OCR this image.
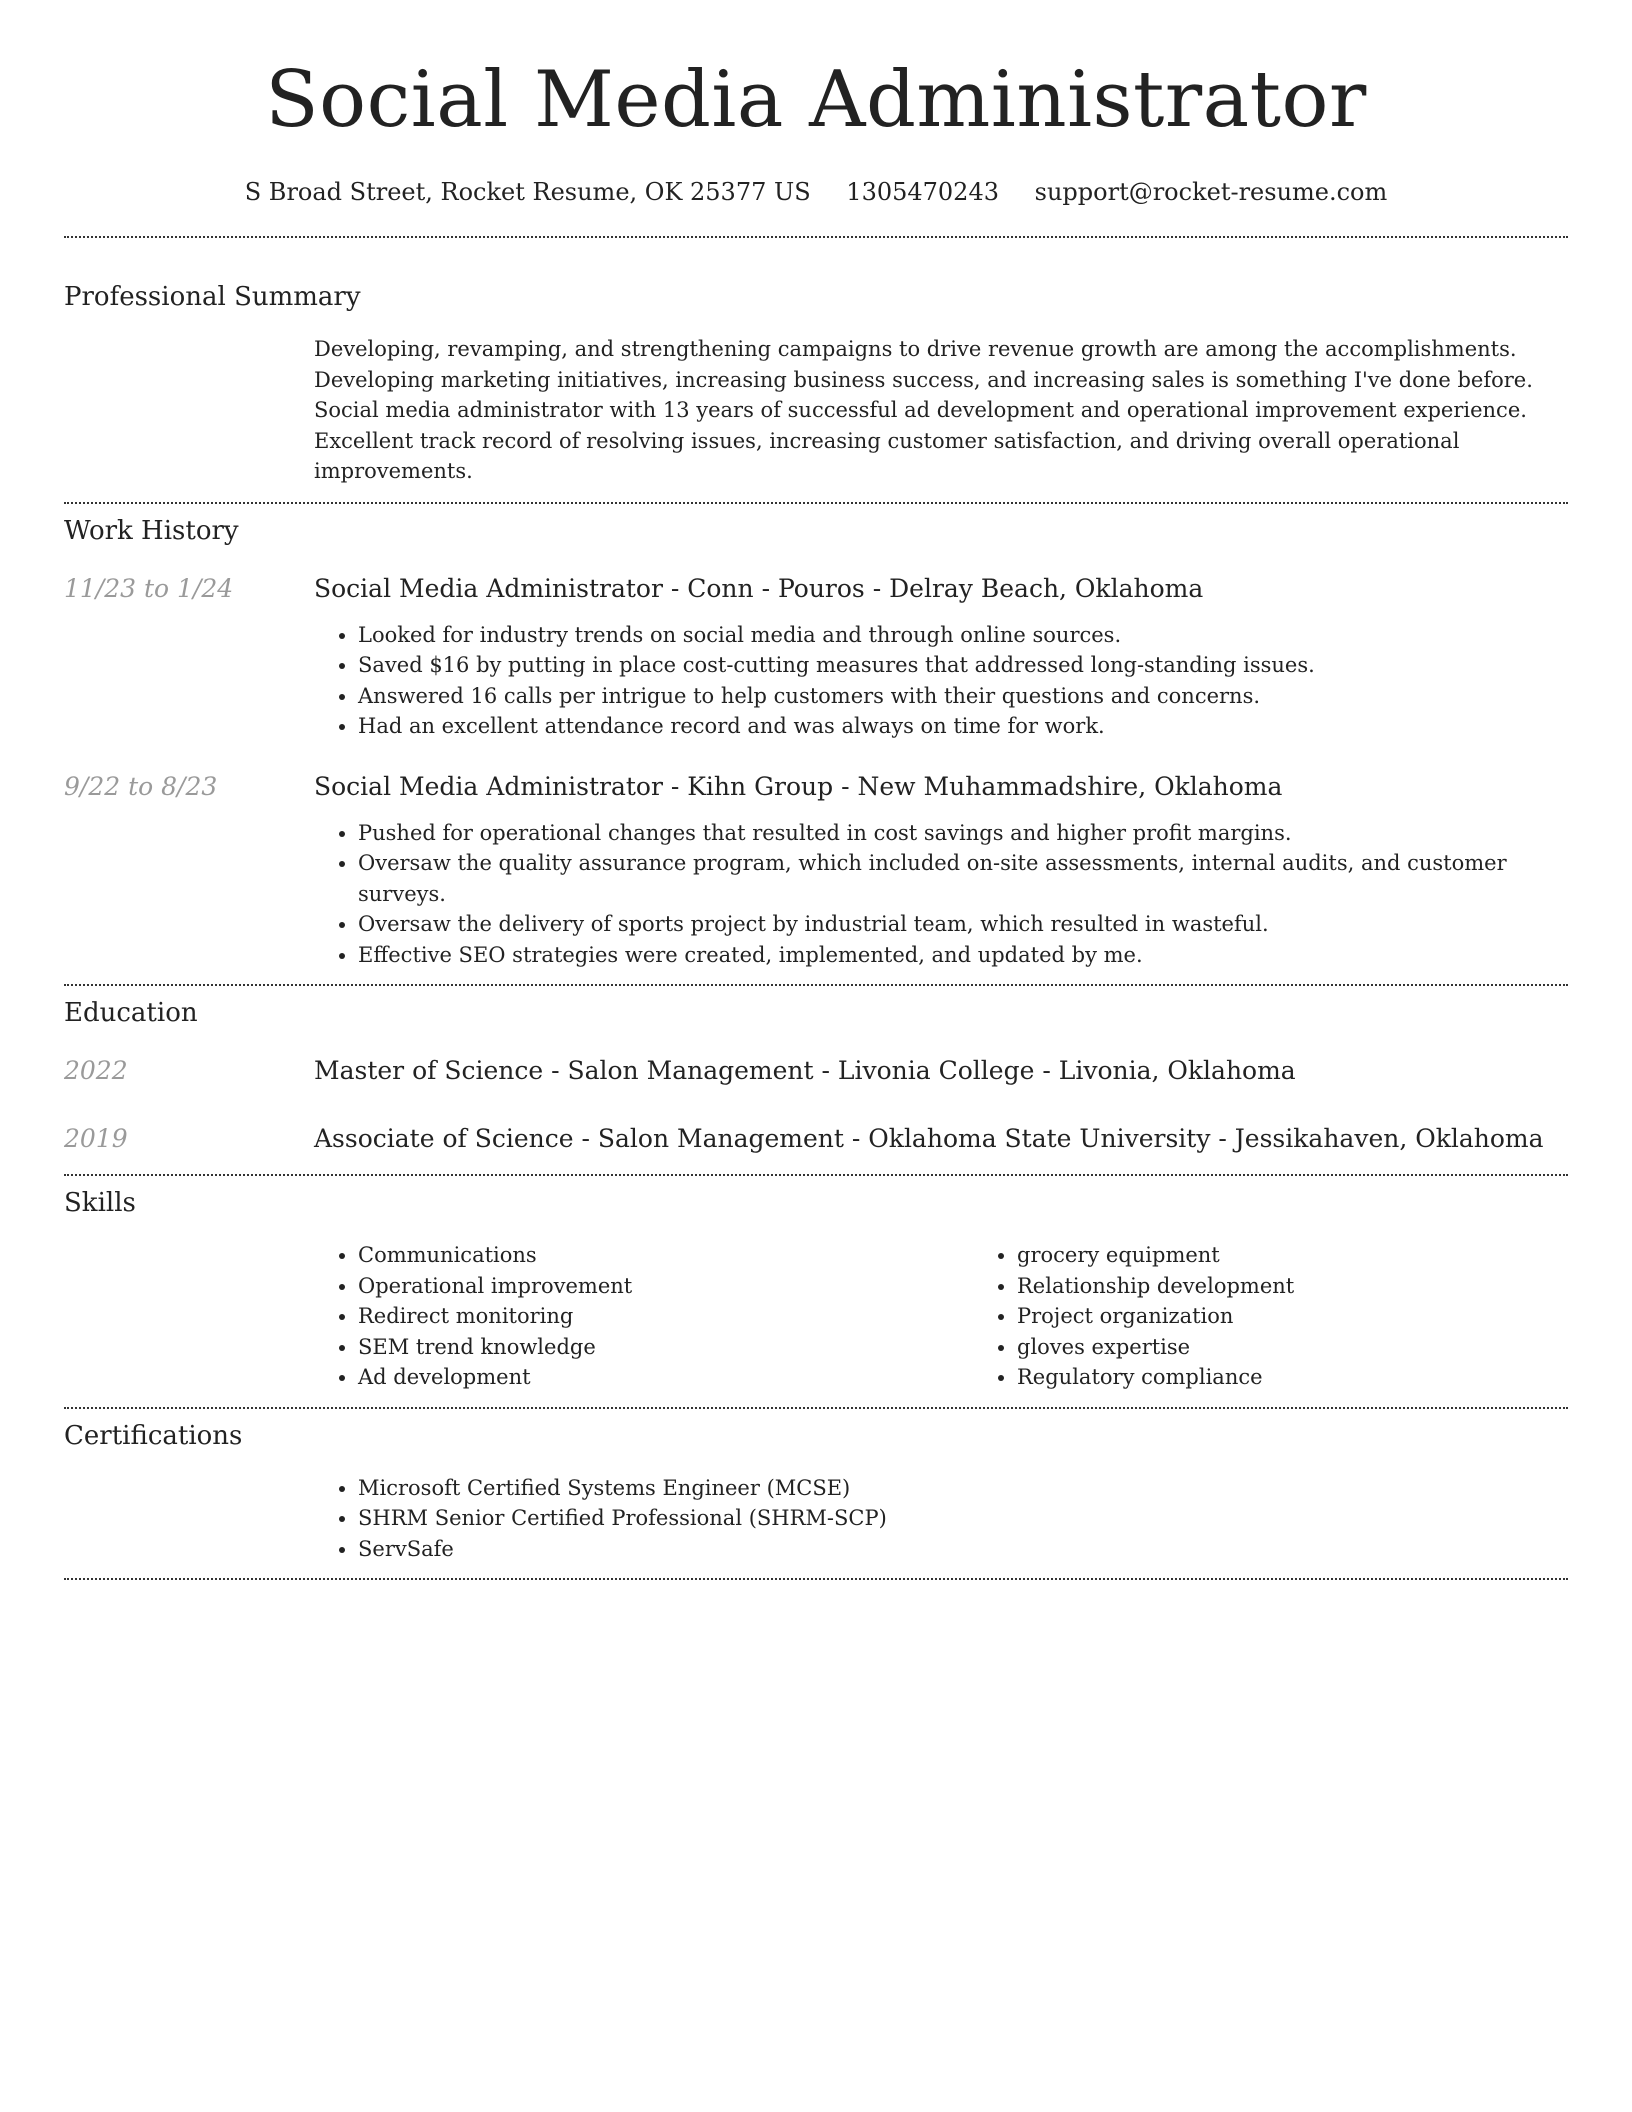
Social Media Administrator
S Broad Street, Rocket Resume, OK 25377 US 1305470243 support@rocket-resume.com
Professional Summary
Developing, revamping, and strengthening campaigns to drive revenue growth are among the accomplishments. Developing marketing initiatives, increasing business success, and increasing sales is something I've done before. Social media administrator with 13 years of successful ad development and operational improvement experience. Excellent track record of resolving issues, increasing customer satisfaction, and driving overall operational improvements.
Work History
11/23 to 1/24	Social Media Administrator - Conn - Pouros - Delray Beach, Oklahoma
• Looked for industry trends on social media and through online sources.
• Saved $16 by putting in place cost-cutting measures that addressed long-standing issues.
• Answered 16 calls per intrigue to help customers with their questions and concerns.
• Had an excellent attendance record and was always on time for work.
9/22 to 8/23	Social Media Administrator - Kihn Group - New Muhammadshire, Oklahoma
• Pushed for operational changes that resulted in cost savings and higher profit margins.
• Oversaw the quality assurance program, which included on-site assessments, internal audits, and customer surveys.
• Oversaw the delivery of sports project by industrial team, which resulted in wasteful.
• Effective SEO strategies were created, implemented, and updated by me.
Education
2022	Master of Science - Salon Management - Livonia College - Livonia, Oklahoma
2019	Associate of Science - Salon Management - Oklahoma State University - Jessikahaven, Oklahoma
Skills
• Communications
• Operational improvement
• Redirect monitoring
• SEM trend knowledge
• Ad development
• grocery equipment
• Relationship development
• Project organization
• gloves expertise
• Regulatory compliance
Certifications
• Microsoft Certified Systems Engineer (MCSE)
• SHRM Senior Certified Professional (SHRM-SCP)
• ServSafe
